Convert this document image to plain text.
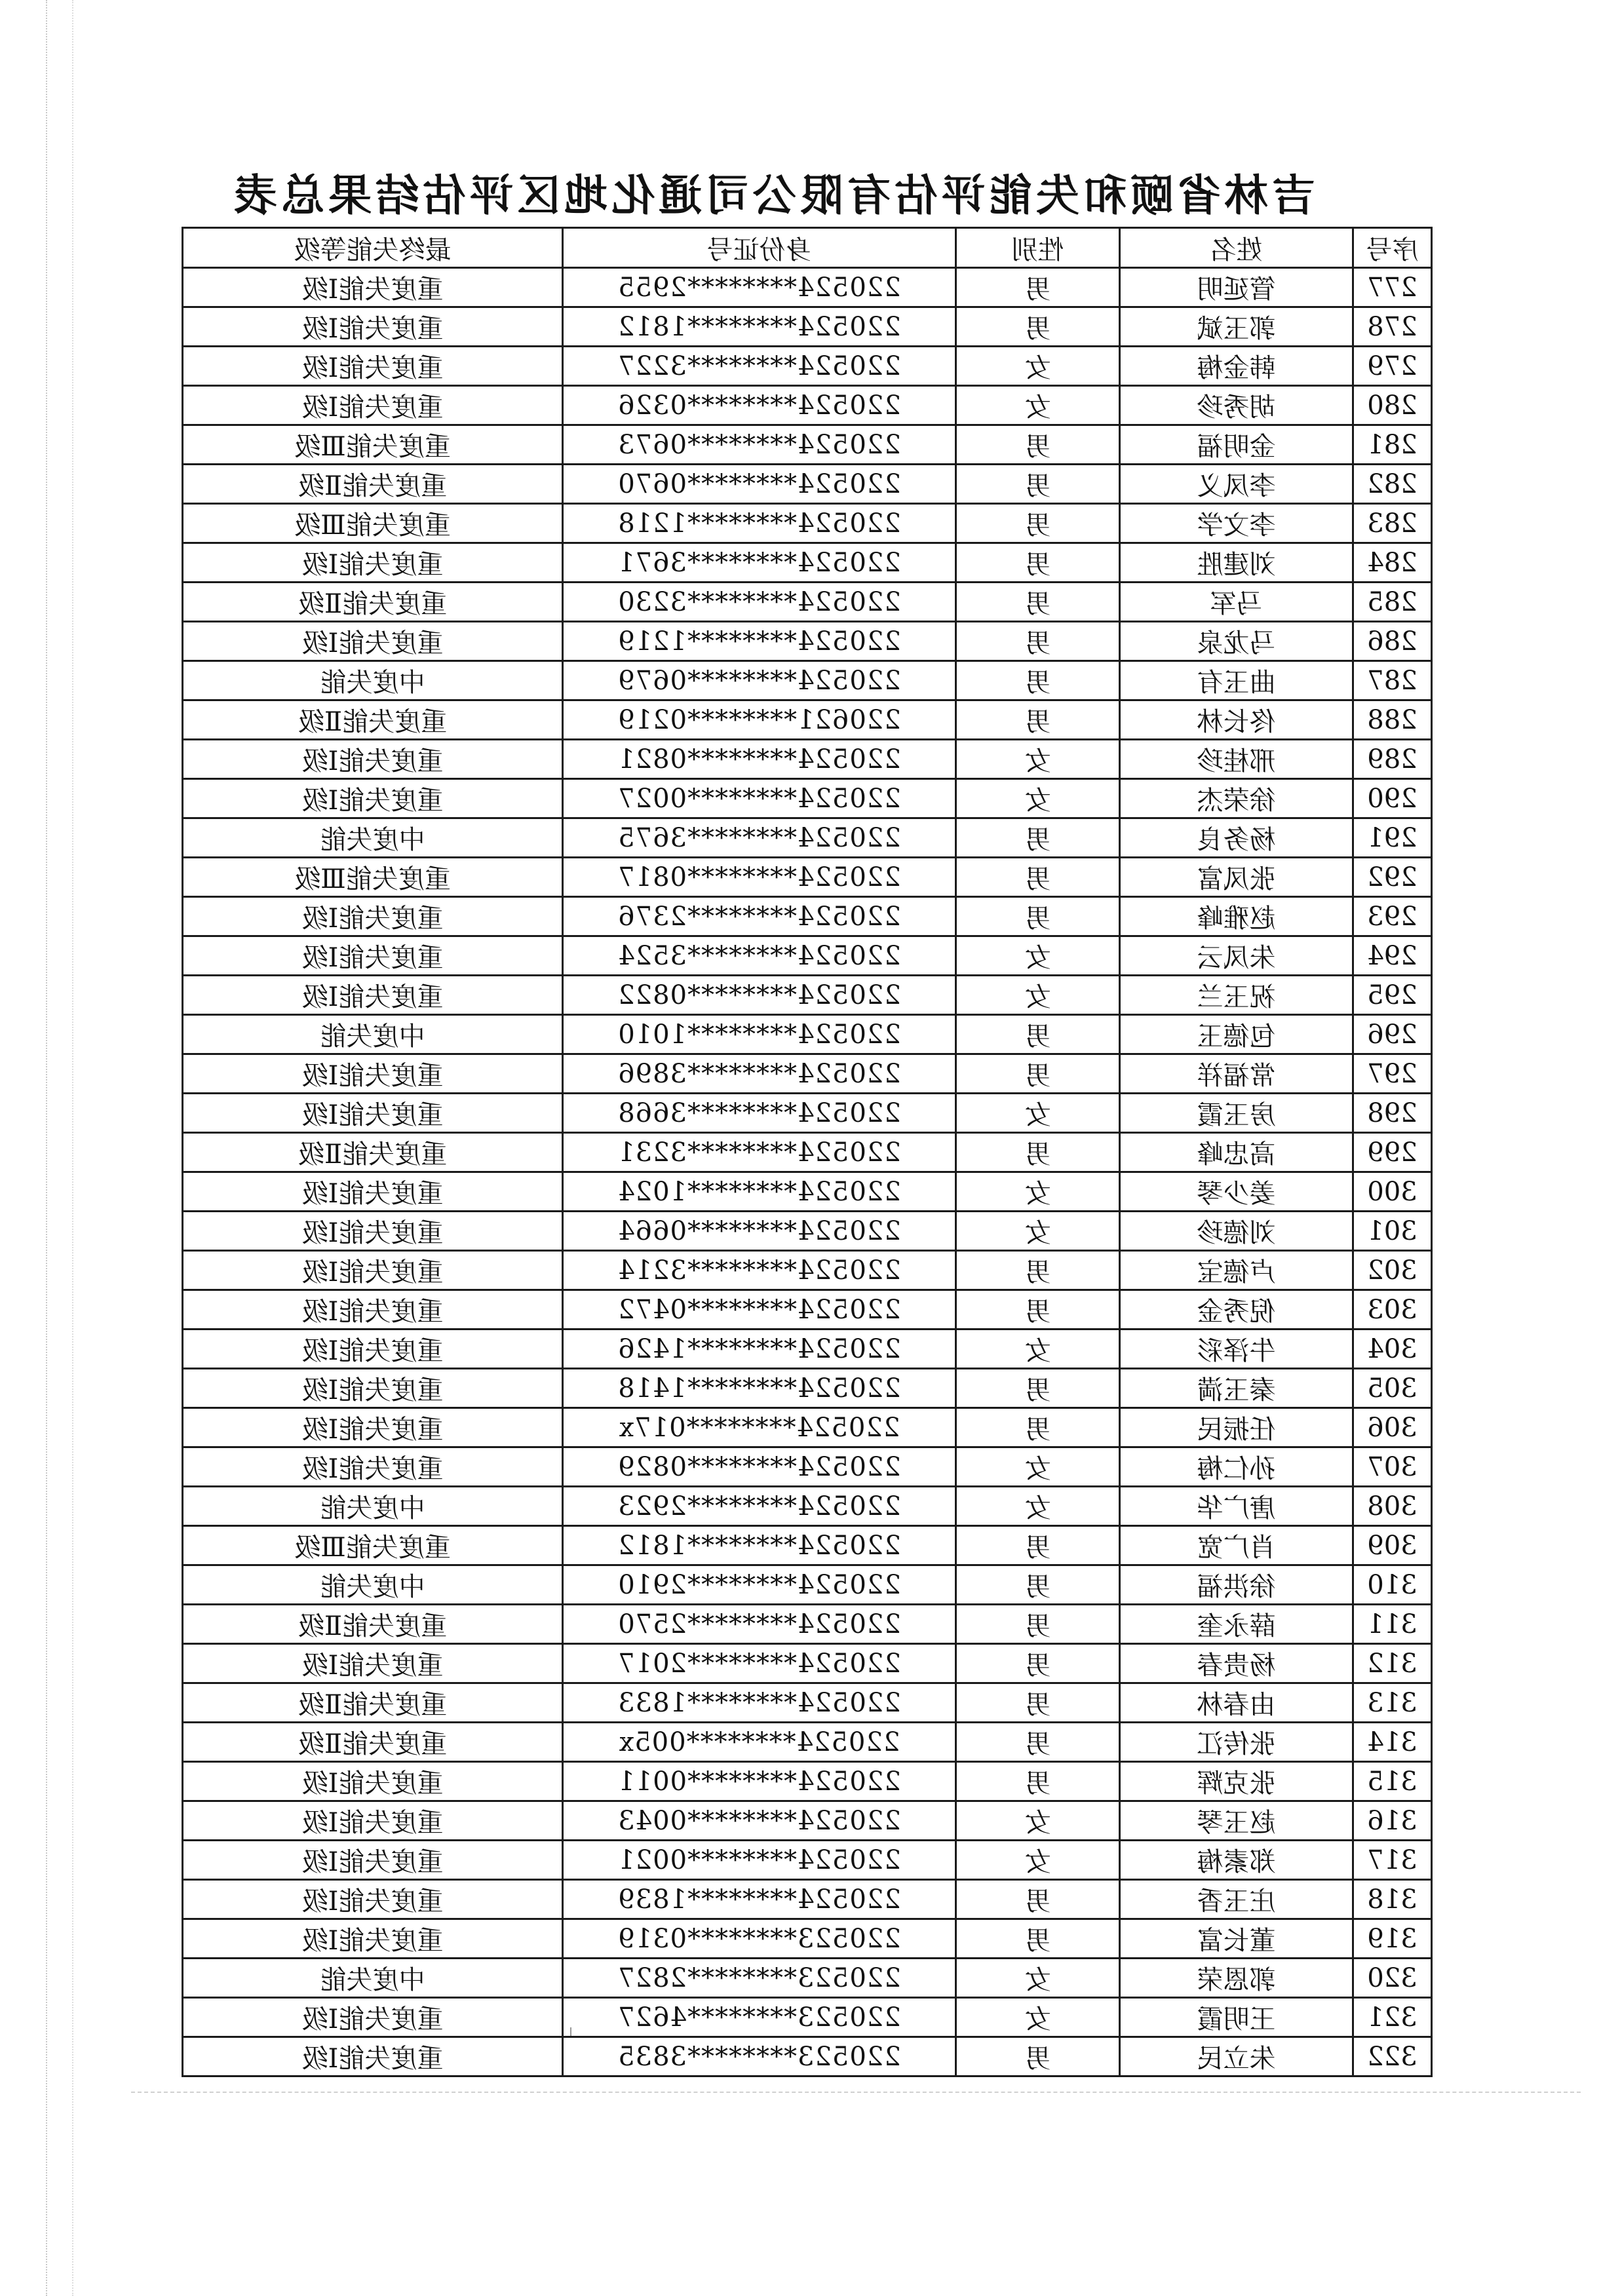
吉林省颐和失能评估有限公司通化地区评估结果总表
序号	姓名	性别	身份证号	最终失能等级
277	管延明	男	220524********2955	重度失能Ⅰ级
278	郭玉斌	男	220524********1812	重度失能Ⅰ级
279	韩金梅	女	220524********3227	重度失能Ⅰ级
280	胡秀珍	女	220524********0326	重度失能Ⅰ级
281	金明福	男	220524********0673	重度失能Ⅲ级
282	李凤义	男	220524********0670	重度失能Ⅱ级
283	李文学	男	220524********1218	重度失能Ⅲ级
284	刘建胜	男	220524********3671	重度失能Ⅰ级
285	马军	男	220524********3230	重度失能Ⅱ级
286	马龙泉	男	220524********1219	重度失能Ⅰ级
287	曲玉有	男	220524********0679	中度失能
288	佟长林	男	220621********0219	重度失能Ⅱ级
289	邢桂珍	女	220524********0821	重度失能Ⅰ级
290	徐荣杰	女	220524********0027	重度失能Ⅰ级
291	杨务良	男	220524********3675	中度失能
292	张凤富	男	220524********0817	重度失能Ⅲ级
293	赵雅峰	男	220524********2376	重度失能Ⅰ级
294	朱凤云	女	220524********3524	重度失能Ⅰ级
295	祝玉兰	女	220524********0822	重度失能Ⅰ级
296	包德玉	男	220524********1010	中度失能
297	常福祥	男	220524********3896	重度失能Ⅰ级
298	房玉霞	女	220524********3668	重度失能Ⅰ级
299	高忠峰	男	220524********3231	重度失能Ⅱ级
300	姜少琴	女	220524********1024	重度失能Ⅰ级
301	刘德珍	女	220524********0664	重度失能Ⅰ级
302	卢德宝	男	220524********3214	重度失能Ⅰ级
303	倪秀金	男	220524********0472	重度失能Ⅰ级
304	牛泽彩	女	220524********1426	重度失能Ⅰ级
305	秦玉満	男	220524********1418	重度失能Ⅰ级
306	任振民	男	220524********017x	重度失能Ⅰ级
307	孙仁梅	女	220524********0829	重度失能Ⅰ级
308	唐广华	女	220524********2923	中度失能
309	肖广宽	男	220524********1812	重度失能Ⅲ级
310	徐洪福	男	220524********2910	中度失能
311	薛永奎	男	220524********2570	重度失能Ⅱ级
312	杨贵春	男	220524********2017	重度失能Ⅰ级
313	由春林	男	220524********1833	重度失能Ⅱ级
314	张传江	男	220524********005x	重度失能Ⅱ级
315	张克辉	男	220524********0011	重度失能Ⅰ级
316	赵玉琴	女	220524********0043	重度失能Ⅰ级
317	郑素梅	女	220524********0021	重度失能Ⅰ级
318	庄玉香	男	220524********1839	重度失能Ⅰ级
319	董长富	男	220523********0319	重度失能Ⅰ级
320	郭恩荣	女	220523********2827	中度失能
321	王明霞	女	220523********4627	重度失能Ⅰ级
322	朱立民	男	220523********3835	重度失能Ⅰ级
